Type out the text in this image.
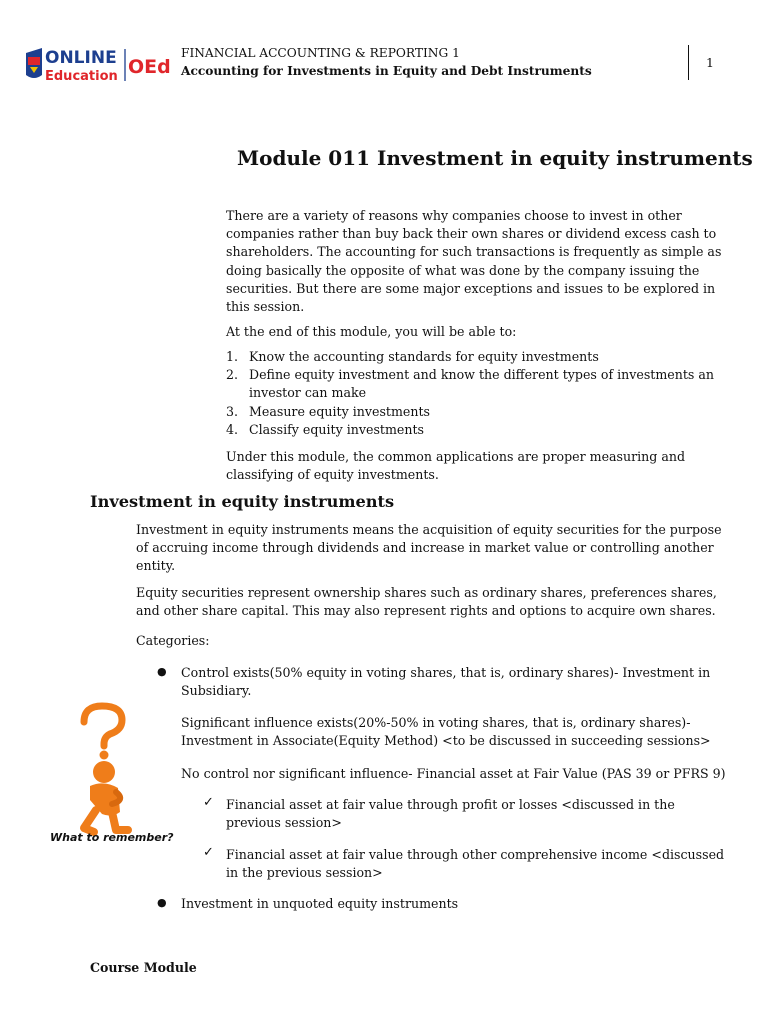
ONLINE
Education OEd
FINANCIAL ACCOUNTING & REPORTING 1
Accounting for Investments in Equity and Debt Instruments
1
Module 011 Investment in equity instruments
There are a variety of reasons why companies choose to invest in other companies rather than buy back their own shares or dividend excess cash to shareholders. The accounting for such transactions is frequently as simple as doing basically the opposite of what was done by the company issuing the securities. But there are some major exceptions and issues to be explored in this session.
At the end of this module, you will be able to:
1. Know the accounting standards for equity investments
2. Define equity investment and know the different types of investments an investor can make
3. Measure equity investments
4. Classify equity investments
Under this module, the common applications are proper measuring and classifying of equity investments.
Investment in equity instruments
Investment in equity instruments means the acquisition of equity securities for the purpose of accruing income through dividends and increase in market value or controlling another entity.
Equity securities represent ownership shares such as ordinary shares, preferences shares, and other share capital. This may also represent rights and options to acquire own shares.
Categories:
● Control exists(50% equity in voting shares, that is, ordinary shares)- Investment in Subsidiary.
Significant influence exists(20%-50% in voting shares, that is, ordinary shares)- Investment in Associate(Equity Method) <to be discussed in succeeding sessions>
No control nor significant influence- Financial asset at Fair Value (PAS 39 or PFRS 9)
✓ Financial asset at fair value through profit or losses <discussed in the previous session>
✓ Financial asset at fair value through other comprehensive income <discussed in the previous session>
● Investment in unquoted equity instruments
What to remember?
Course Module
